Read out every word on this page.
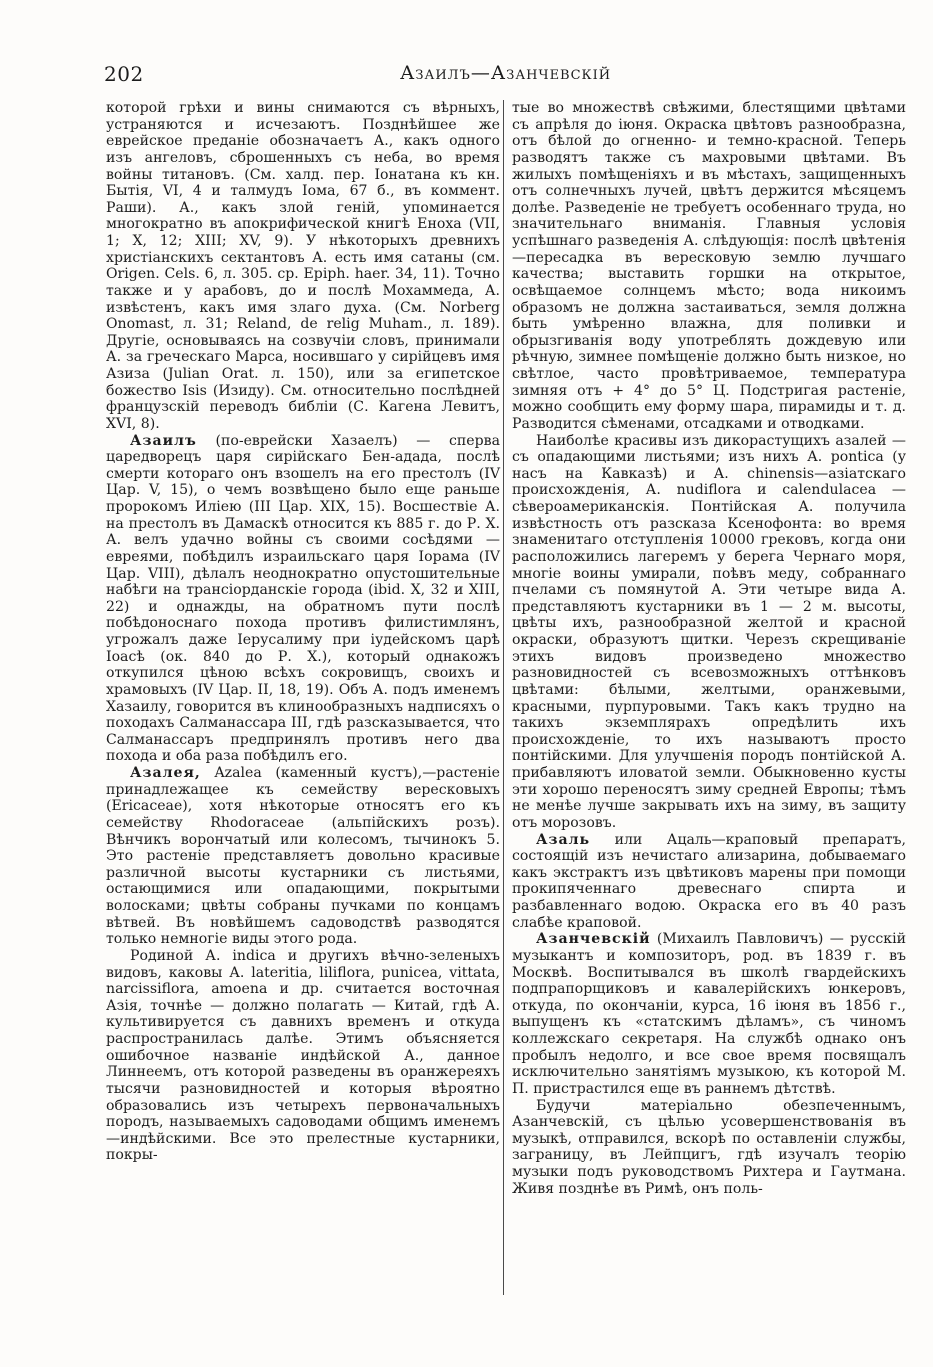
202	Азаилъ—Азанчевскій

которой грѣхи и вины снимаются съ вѣрныхъ, устраняются и исчезаютъ. Позднѣйшее же еврейское преданіе обозначаетъ А., какъ одного изъ ангеловъ, сброшенныхъ съ неба, во время войны титановъ. (См. халд. пер. Іонатана къ кн. Бытія, VI, 4 и талмудъ Іома, 67 б., въ коммент. Раши). А., какъ злой геній, упоминается многократно въ апокрифической книгѣ Еноха (VII, 1; X, 12; XIII; XV, 9). У нѣкоторыхъ древнихъ христіанскихъ сектантовъ А. есть имя сатаны (см. Origen. Cels. 6, л. 305. ср. Epiph. haer. 34, 11). Точно также и у арабовъ, до и послѣ Мохаммеда, А. извѣстенъ, какъ имя злаго духа. (См. Norberg Onomast, л. 31; Reland, de relig Muham., л. 189). Другіе, основываясь на созвучіи словъ, принимали А. за греческаго Марса, носившаго у сирійцевъ имя Азиза (Julian Orat. л. 150), или за египетское божество Isis (Изиду). См. относительно послѣдней французскій переводъ библіи (С. Кагена Левитъ, XVI, 8).

Азаилъ (по-еврейски Хазаелъ) — сперва царедворецъ царя сирійскаго Бен-адада, послѣ смерти котораго онъ взошелъ на его престолъ (IV Цар. V, 15), о чемъ возвѣщено было еще раньше пророкомъ Иліею (III Цар. XIX, 15). Восшествіе А. на престолъ въ Дамаскѣ относится къ 885 г. до Р. Х. А. велъ удачно войны съ своими сосѣдями — евреями, побѣдилъ израильскаго царя Іорама (IV Цар. VIII), дѣлалъ неоднократно опустошительные набѣги на трансіорданскіе города (ibid. X, 32 и XIII, 22) и однажды, на обратномъ пути послѣ побѣдоноснаго похода противъ филистимлянъ, угрожалъ даже Іерусалиму при іудейскомъ царѣ Іоасѣ (ок. 840 до Р. Х.), который однакожъ откупился цѣною всѣхъ сокровищъ, своихъ и храмовыхъ (IV Цар. II, 18, 19). Объ А. подъ именемъ Хазаилу, говорится въ клинообразныхъ надписяхъ о походахъ Салманассара III, гдѣ разсказывается, что Салманассаръ предпринялъ противъ него два похода и оба раза побѣдилъ его.

Азалея, Azalea (каменный кустъ),—растеніе принадлежащее къ семейству вересковыхъ (Ericaceae), хотя нѣкоторые относятъ его къ семейству Rhodoraceae (альпійскихъ розъ). Вѣнчикъ ворончатый или колесомъ, тычинокъ 5. Это растеніе представляетъ довольно красивые различной высоты кустарники съ листьями, остающимися или опадающими, покрытыми волосками; цвѣты собраны пучками по концамъ вѣтвей. Въ новѣйшемъ садоводствѣ разводятся только немногіе виды этого рода.

Родиной А. indica и другихъ вѣчно-зеленыхъ видовъ, каковы А. lateritia, liliflora, punicea, vittata, narcissiflora, amoena и др. считается восточная Азія, точнѣе — должно полагать — Китай, гдѣ А. культивируется съ давнихъ временъ и откуда распространилась далѣе. Этимъ объясняется ошибочное названіе индѣйской А., данное Линнеемъ, отъ которой разведены въ оранжереяхъ тысячи разновидностей и которыя вѣроятно образовались изъ четырехъ первоначальныхъ породъ, называемыхъ садоводами общимъ именемъ—индѣйскими. Все это прелестные кустарники, покры-

тые во множествѣ свѣжими, блестящими цвѣтами съ апрѣля до іюня. Окраска цвѣтовъ разнообразна, отъ бѣлой до огненно- и темно-красной. Теперь разводятъ также съ махровыми цвѣтами. Въ жилыхъ помѣщеніяхъ и въ мѣстахъ, защищенныхъ отъ солнечныхъ лучей, цвѣтъ держится мѣсяцемъ долѣе. Разведеніе не требуетъ особеннаго труда, но значительнаго вниманія. Главныя условія успѣшнаго разведенія А. слѣдующія: послѣ цвѣтенія—пересадка въ вересковую землю лучшаго качества; выставить горшки на открытое, освѣщаемое солнцемъ мѣсто; вода никоимъ образомъ не должна застаиваться, земля должна быть умѣренно влажна, для поливки и обрызгиванія воду употреблять дождевую или рѣчную, зимнее помѣщеніе должно быть низкое, но свѣтлое, часто провѣтриваемое, температура зимняя отъ + 4° до 5° Ц. Подстригая растеніе, можно сообщить ему форму шара, пирамиды и т. д. Разводится сѣменами, отсадками и отводками.

Наиболѣе красивы изъ дикорастущихъ азалей — съ опадающими листьями; изъ нихъ А. pontica (у насъ на Кавказѣ) и А. chinensis—азіатскаго происхожденія, А. nudiflora и calendulacea — сѣвероамериканскія. Понтійская А. получила извѣстность отъ разсказа Ксенофонта: во время знаменитаго отступленія 10000 грековъ, когда они расположились лагеремъ у берега Чернаго моря, многіе воины умирали, поѣвъ меду, собраннаго пчелами съ помянутой А. Эти четыре вида А. представляютъ кустарники въ 1 — 2 м. высоты, цвѣты ихъ, разнообразной желтой и красной окраски, образуютъ щитки. Черезъ скрещиваніе этихъ видовъ произведено множество разновидностей съ всевозможныхъ оттѣнковъ цвѣтами: бѣлыми, желтыми, оранжевыми, красными, пурпуровыми. Такъ какъ трудно на такихъ экземплярахъ опредѣлить ихъ происхожденіе, то ихъ называютъ просто понтійскими. Для улучшенія породъ понтійской А. прибавляютъ иловатой земли. Обыкновенно кусты эти хорошо переносятъ зиму средней Европы; тѣмъ не менѣе лучше закрывать ихъ на зиму, въ защиту отъ морозовъ.

Азаль или Ацаль—краповый препаратъ, состоящій изъ нечистаго ализарина, добываемаго какъ экстрактъ изъ цвѣтиковъ марены при помощи прокипяченнаго древеснаго спирта и разбавленнаго водою. Окраска его въ 40 разъ слабѣе краповой.

Азанчевскій (Михаилъ Павловичъ) — русскій музыкантъ и композиторъ, род. въ 1839 г. въ Москвѣ. Воспитывался въ школѣ гвардейскихъ подпрапорщиковъ и кавалерійскихъ юнкеровъ, откуда, по окончаніи, курса, 16 іюня въ 1856 г., выпущенъ къ «статскимъ дѣламъ», съ чиномъ коллежскаго секретаря. На службѣ однако онъ пробылъ недолго, и все свое время посвящалъ исключительно занятіямъ музыкою, къ которой М. П. пристрастился еще въ раннемъ дѣтствѣ.

Будучи матеріально обезпеченнымъ, Азанчевскій, съ цѣлью усовершенствованія въ музыкѣ, отправился, вскорѣ по оставленіи службы, заграницу, въ Лейпцигъ, гдѣ изучалъ теорію музыки подъ руководствомъ Рихтера и Гаутмана. Живя позднѣе въ Римѣ, онъ поль-
